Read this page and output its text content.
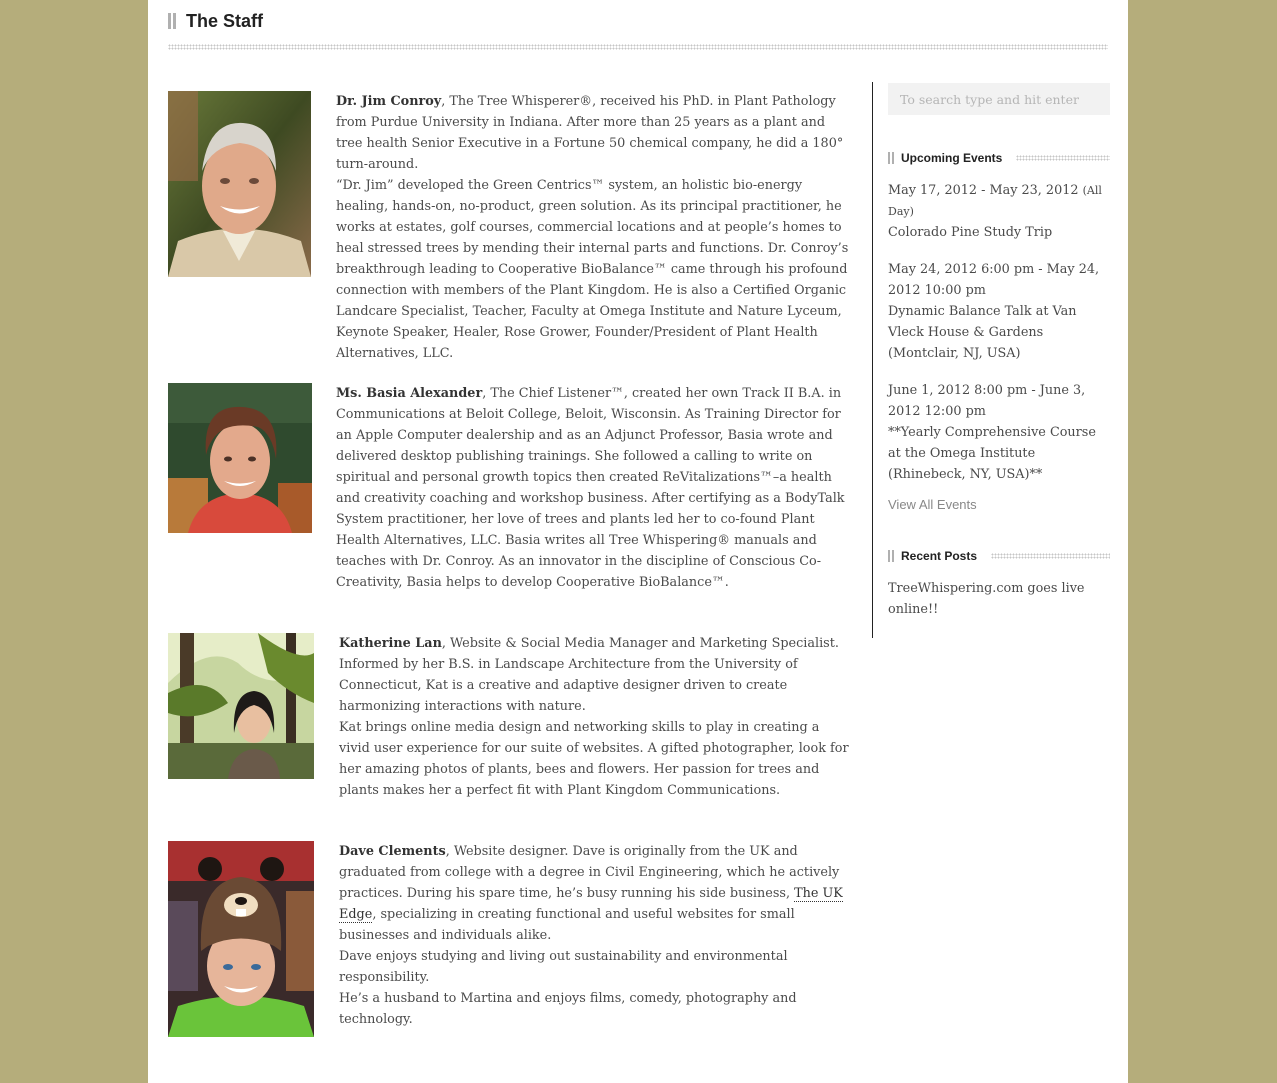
The Staff

Dr. Jim Conroy, The Tree Whisperer®, received his PhD. in Plant Pathology from Purdue University in Indiana. After more than 25 years as a plant and tree health Senior Executive in a Fortune 50 chemical company, he did a 180° turn-around.

“Dr. Jim” developed the Green Centrics™ system, an holistic bio-energy healing, hands-on, no-product, green solution. As its principal practitioner, he works at estates, golf courses, commercial locations and at people’s homes to heal stressed trees by mending their internal parts and functions. Dr. Conroy’s breakthrough leading to Cooperative BioBalance™ came through his profound connection with members of the Plant Kingdom. He is also a Certified Organic Landcare Specialist, Teacher, Faculty at Omega Institute and Nature Lyceum, Keynote Speaker, Healer, Rose Grower, Founder/President of Plant Health Alternatives, LLC.

Ms. Basia Alexander, The Chief Listener™, created her own Track II B.A. in Communications at Beloit College, Beloit, Wisconsin. As Training Director for an Apple Computer dealership and as an Adjunct Professor, Basia wrote and delivered desktop publishing trainings. She followed a calling to write on spiritual and personal growth topics then created ReVitalizations™–a health and creativity coaching and workshop business. After certifying as a BodyTalk System practitioner, her love of trees and plants led her to co-found Plant Health Alternatives, LLC. Basia writes all Tree Whispering® manuals and teaches with Dr. Conroy. As an innovator in the discipline of Conscious Co-Creativity, Basia helps to develop Cooperative BioBalance™.

Katherine Lan, Website & Social Media Manager and Marketing Specialist. Informed by her B.S. in Landscape Architecture from the University of Connecticut, Kat is a creative and adaptive designer driven to create harmonizing interactions with nature.

Kat brings online media design and networking skills to play in creating a vivid user experience for our suite of websites. A gifted photographer, look for her amazing photos of plants, bees and flowers. Her passion for trees and plants makes her a perfect fit with Plant Kingdom Communications.

Dave Clements, Website designer. Dave is originally from the UK and graduated from college with a degree in Civil Engineering, which he actively practices. During his spare time, he’s busy running his side business, The UK Edge, specializing in creating functional and useful websites for small businesses and individuals alike.

Dave enjoys studying and living out sustainability and environmental responsibility.

He’s a husband to Martina and enjoys films, comedy, photography and technology.

To search type and hit enter
Upcoming Events
May 17, 2012 - May 23, 2012 (All Day)
Colorado Pine Study Trip
May 24, 2012 6:00 pm - May 24, 2012 10:00 pm
Dynamic Balance Talk at Van Vleck House & Gardens (Montclair, NJ, USA)
June 1, 2012 8:00 pm - June 3, 2012 12:00 pm
**Yearly Comprehensive Course at the Omega Institute (Rhinebeck, NY, USA)**
View All Events
Recent Posts
TreeWhispering.com goes live online!!
